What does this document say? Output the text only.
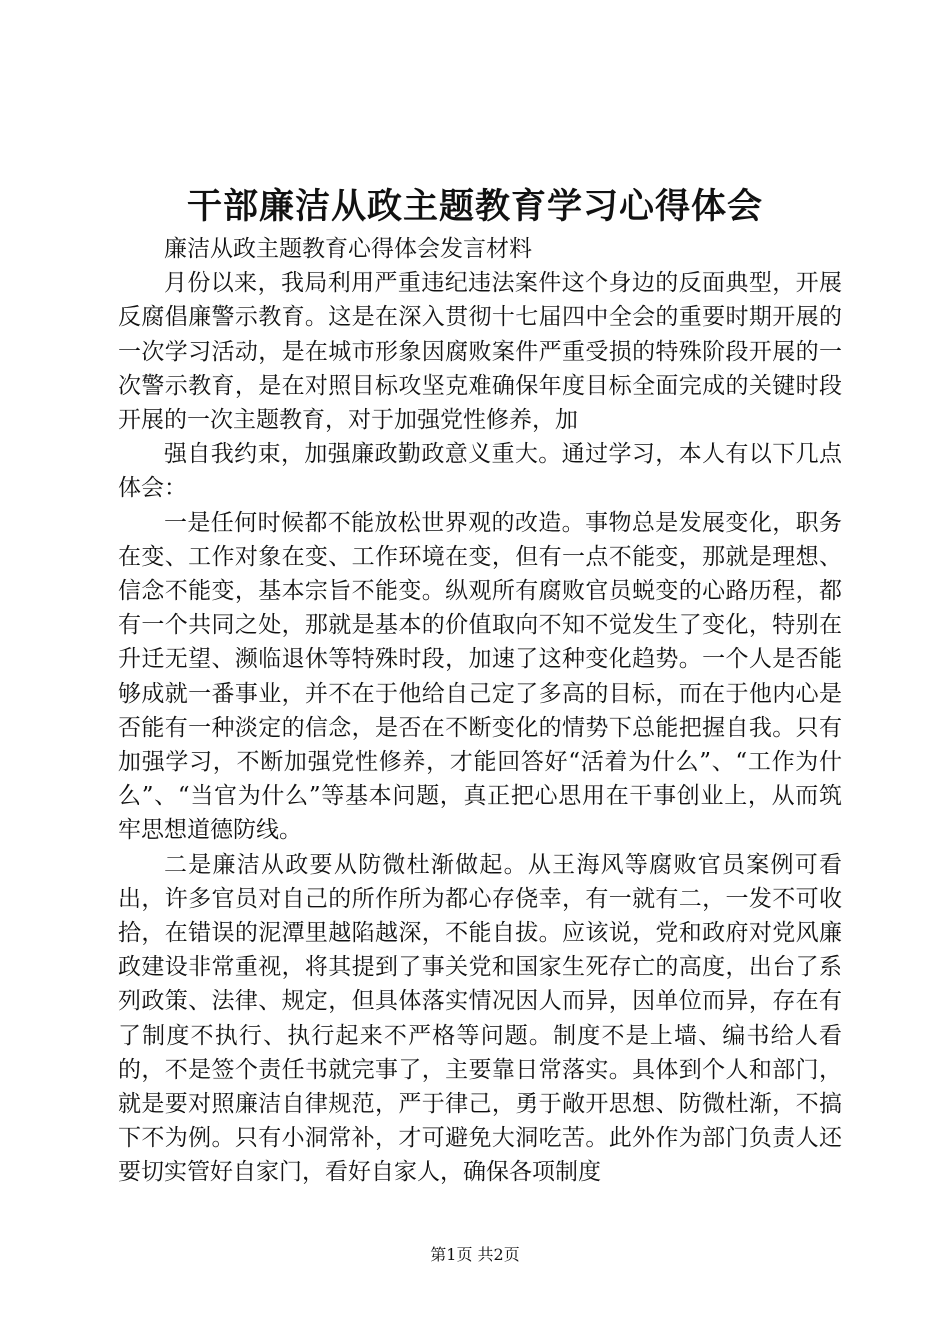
干部廉洁从政主题教育学习心得体会

廉洁从政主题教育心得体会发言材料

月份以来，我局利用严重违纪违法案件这个身边的反面典型，开展反腐倡廉警示教育。这是在深入贯彻十七届四中全会的重要时期开展的一次学习活动，是在城市形象因腐败案件严重受损的特殊阶段开展的一次警示教育，是在对照目标攻坚克难确保年度目标全面完成的关键时段开展的一次主题教育，对于加强党性修养，加

强自我约束，加强廉政勤政意义重大。通过学习，本人有以下几点体会：

一是任何时候都不能放松世界观的改造。事物总是发展变化，职务在变、工作对象在变、工作环境在变，但有一点不能变，那就是理想、信念不能变，基本宗旨不能变。纵观所有腐败官员蜕变的心路历程，都有一个共同之处，那就是基本的价值取向不知不觉发生了变化，特别在升迁无望、濒临退休等特殊时段，加速了这种变化趋势。一个人是否能够成就一番事业，并不在于他给自己定了多高的目标，而在于他内心是否能有一种淡定的信念，是否在不断变化的情势下总能把握自我。只有加强学习，不断加强党性修养，才能回答好“活着为什么”、“工作为什么”、“当官为什么”等基本问题，真正把心思用在干事创业上，从而筑牢思想道德防线。

二是廉洁从政要从防微杜渐做起。从王海风等腐败官员案例可看出，许多官员对自己的所作所为都心存侥幸，有一就有二，一发不可收拾，在错误的泥潭里越陷越深，不能自拔。应该说，党和政府对党风廉政建设非常重视，将其提到了事关党和国家生死存亡的高度，出台了系列政策、法律、规定，但具体落实情况因人而异，因单位而异，存在有了制度不执行、执行起来不严格等问题。制度不是上墙、编书给人看的，不是签个责任书就完事了，主要靠日常落实。具体到个人和部门，就是要对照廉洁自律规范，严于律己，勇于敞开思想、防微杜渐，不搞下不为例。只有小洞常补，才可避免大洞吃苦。此外作为部门负责人还要切实管好自家门，看好自家人，确保各项制度

第1页 共2页
